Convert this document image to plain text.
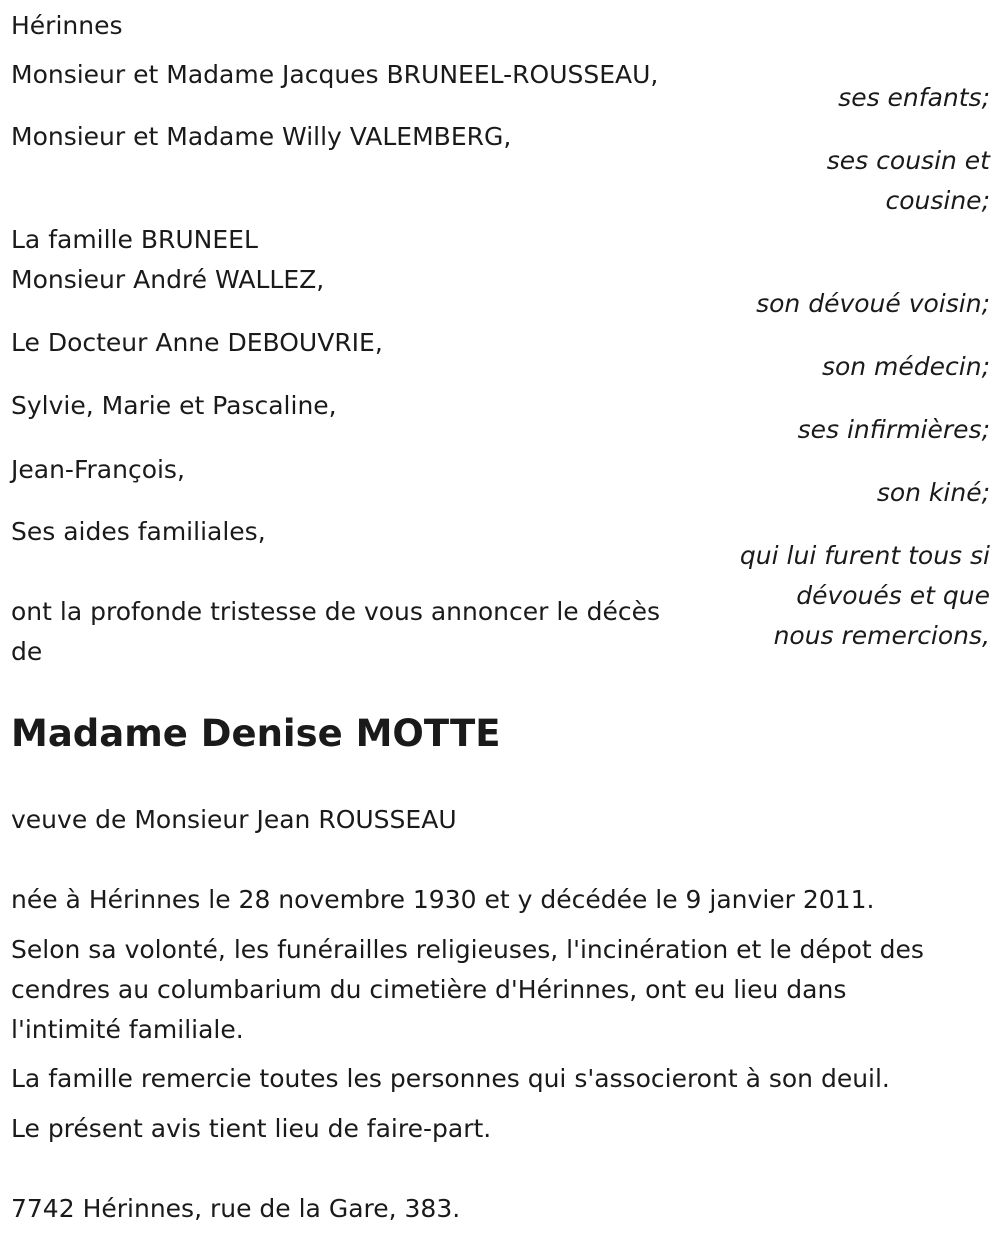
Hérinnes
Monsieur et Madame Jacques BRUNEEL-ROUSSEAU,
ses enfants;
Monsieur et Madame Willy VALEMBERG,
ses cousin et
cousine;
La famille BRUNEEL
Monsieur André WALLEZ,
son dévoué voisin;
Le Docteur Anne DEBOUVRIE,
son médecin;
Sylvie, Marie et Pascaline,
ses infirmières;
Jean-François,
son kiné;
Ses aides familiales,
qui lui furent tous si
dévoués et que
nous remercions,
ont la profonde tristesse de vous annoncer le décès
de
Madame Denise MOTTE
veuve de Monsieur Jean ROUSSEAU
née à Hérinnes le 28 novembre 1930 et y décédée le 9 janvier 2011.
Selon sa volonté, les funérailles religieuses, l'incinération et le dépot des
cendres au columbarium du cimetière d'Hérinnes, ont eu lieu dans
l'intimité familiale.
La famille remercie toutes les personnes qui s'associeront à son deuil.
Le présent avis tient lieu de faire-part.
7742 Hérinnes, rue de la Gare, 383.
